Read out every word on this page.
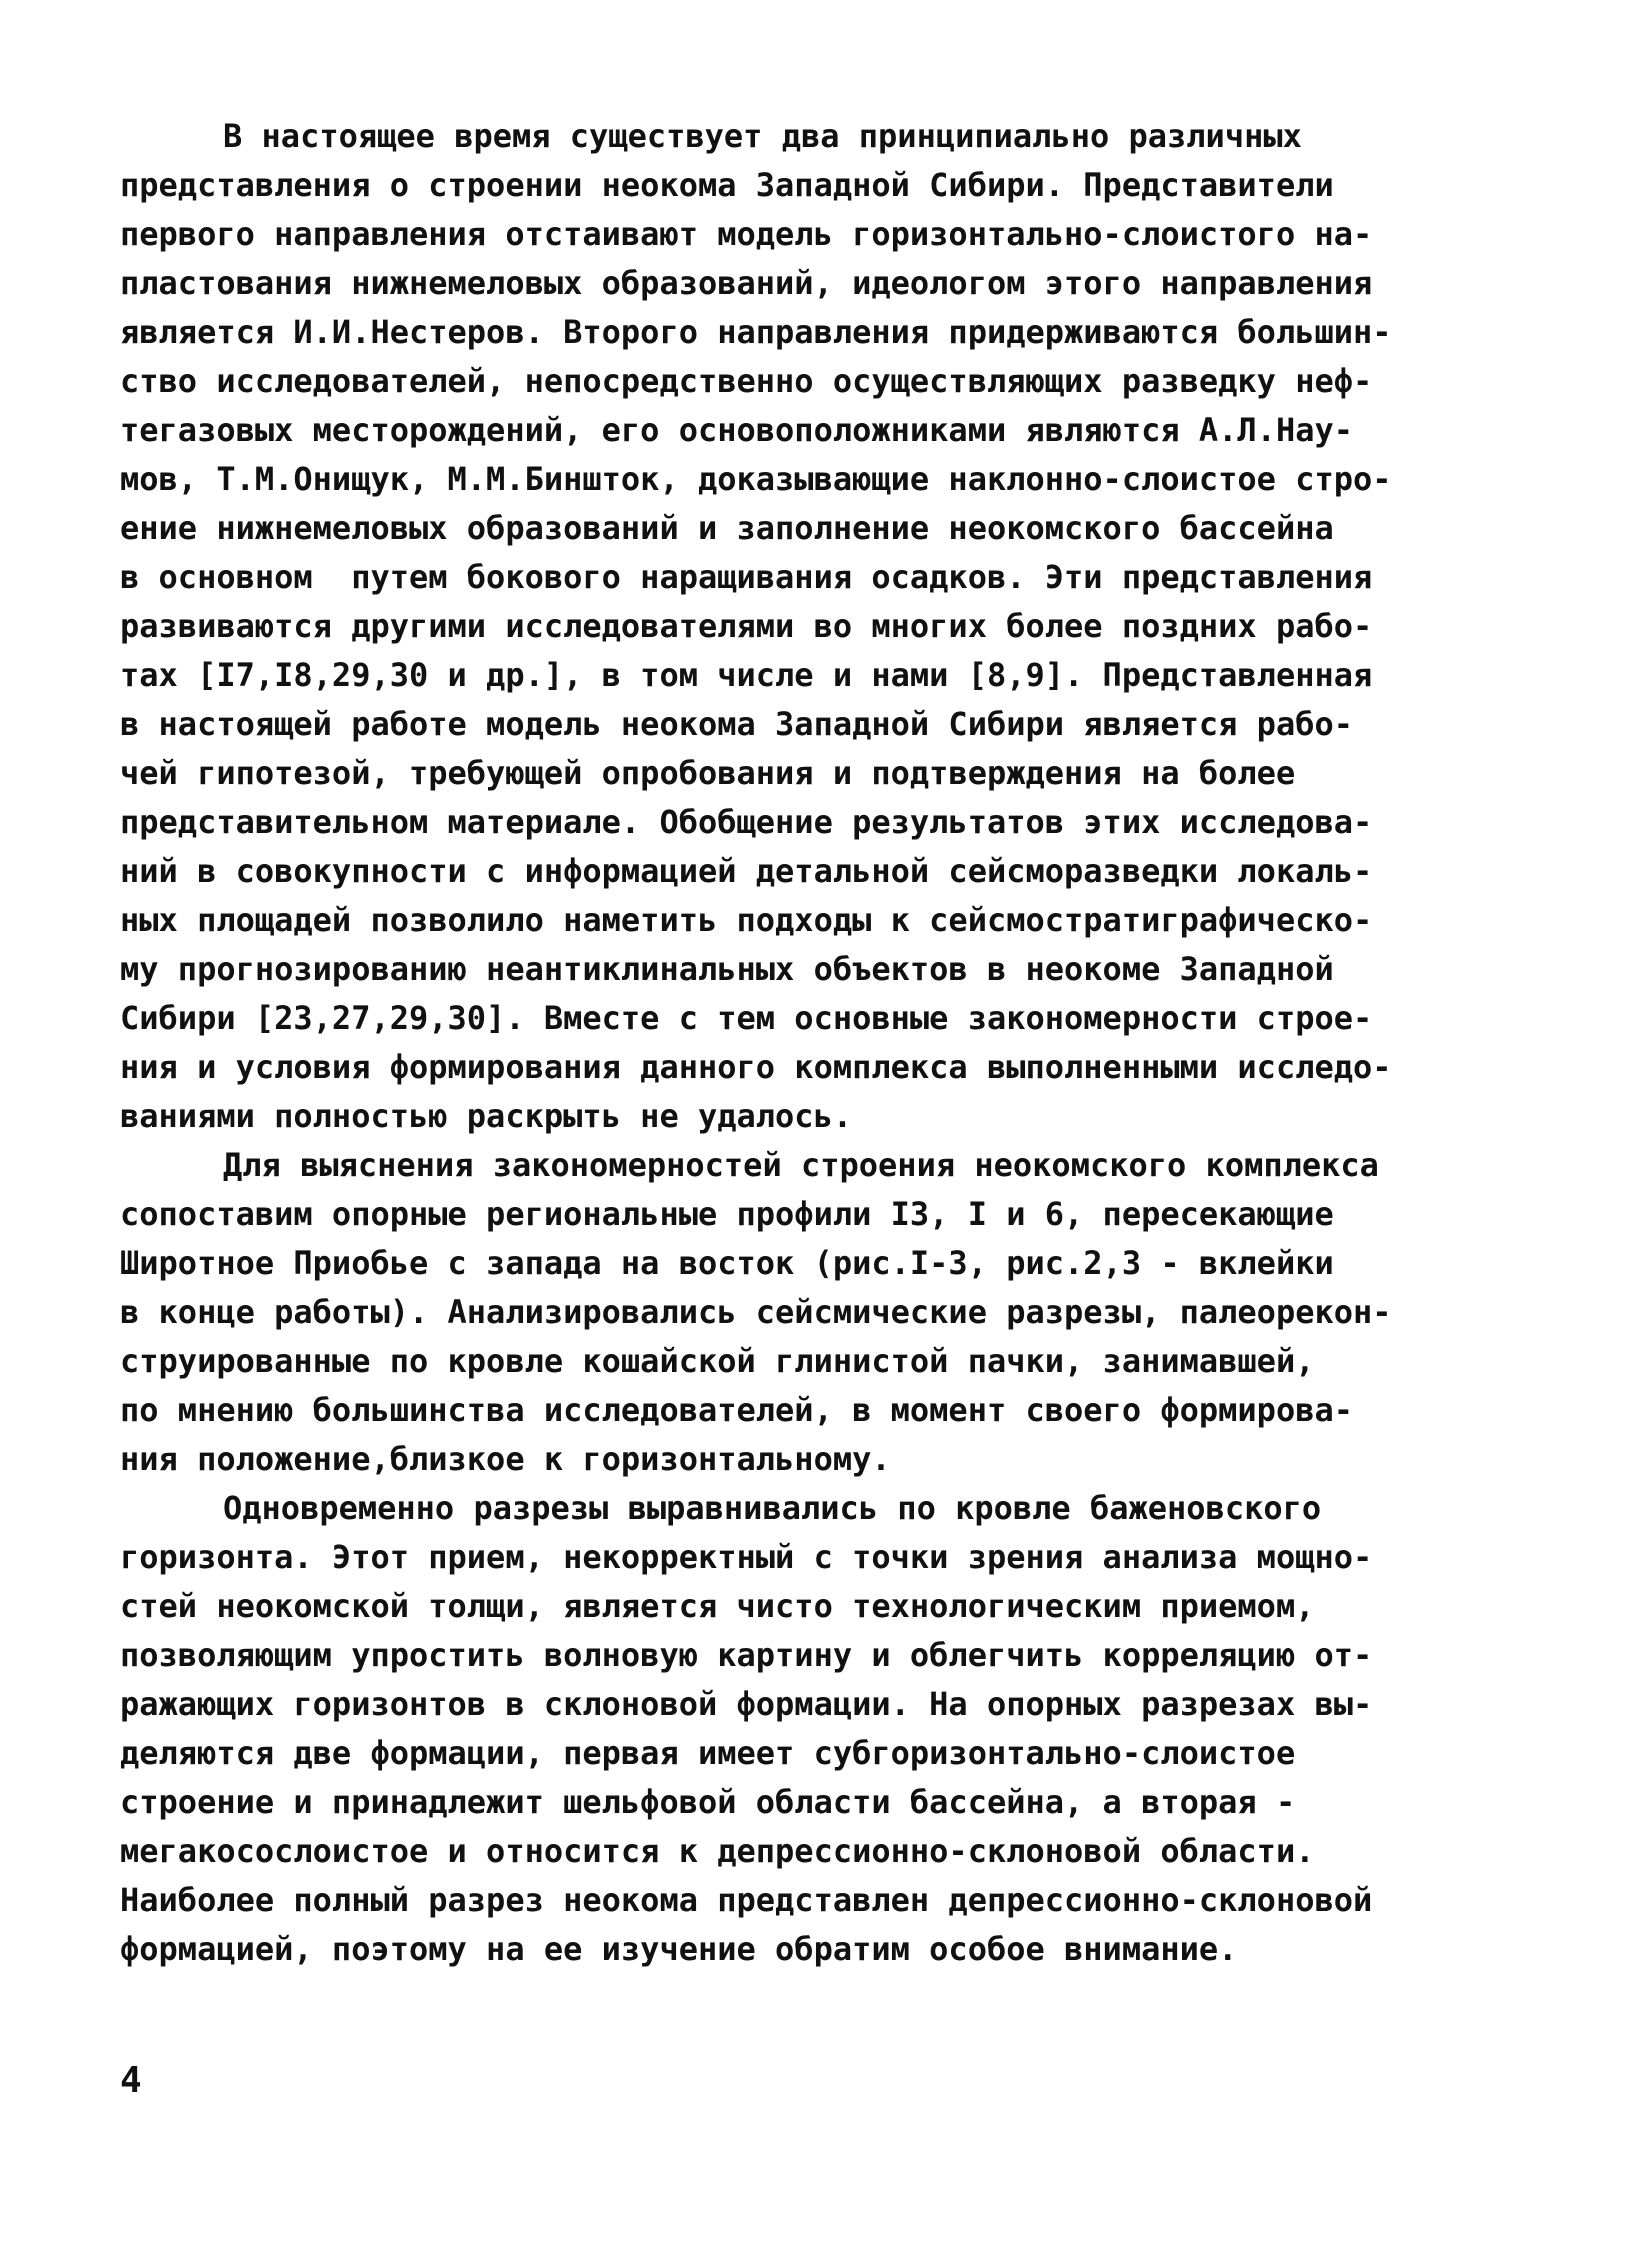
В настоящее время существует два принципиально различных
представления о строении неокома Западной Сибири. Представители
первого направления отстаивают модель горизонтально-слоистого на-
пластования нижнемеловых образований, идеологом этого направления
является И.И.Нестеров. Второго направления придерживаются большин-
ство исследователей, непосредственно осуществляющих разведку неф-
тегазовых месторождений, его основоположниками являются А.Л.Нау-
мов, Т.М.Онищук, М.М.Биншток, доказывающие наклонно-слоистое стро-
ение нижнемеловых образований и заполнение неокомского бассейна
в основном  путем бокового наращивания осадков. Эти представления
развиваются другими исследователями во многих более поздних рабо-
тах [I7,I8,29,30 и др.], в том числе и нами [8,9]. Представленная
в настоящей работе модель неокома Западной Сибири является рабо-
чей гипотезой, требующей опробования и подтверждения на более
представительном материале. Обобщение результатов этих исследова-
ний в совокупности с информацией детальной сейсморазведки локаль-
ных площадей позволило наметить подходы к сейсмостратиграфическо-
му прогнозированию неантиклинальных объектов в неокоме Западной
Сибири [23,27,29,30]. Вместе с тем основные закономерности строе-
ния и условия формирования данного комплекса выполненными исследо-
ваниями полностью раскрыть не удалось.
Для выяснения закономерностей строения неокомского комплекса
сопоставим опорные региональные профили I3, I и 6, пересекающие
Широтное Приобье с запада на восток (рис.I-3, рис.2,3 - вклейки
в конце работы). Анализировались сейсмические разрезы, палеорекон-
струированные по кровле кошайской глинистой пачки, занимавшей,
по мнению большинства исследователей, в момент своего формирова-
ния положение,близкое к горизонтальному.
Одновременно разрезы выравнивались по кровле баженовского
горизонта. Этот прием, некорректный с точки зрения анализа мощно-
стей неокомской толщи, является чисто технологическим приемом,
позволяющим упростить волновую картину и облегчить корреляцию от-
ражающих горизонтов в склоновой формации. На опорных разрезах вы-
деляются две формации, первая имеет субгоризонтально-слоистое
строение и принадлежит шельфовой области бассейна, а вторая -
мегакосослоистое и относится к депрессионно-склоновой области.
Наиболее полный разрез неокома представлен депрессионно-склоновой
формацией, поэтому на ее изучение обратим особое внимание.
4
